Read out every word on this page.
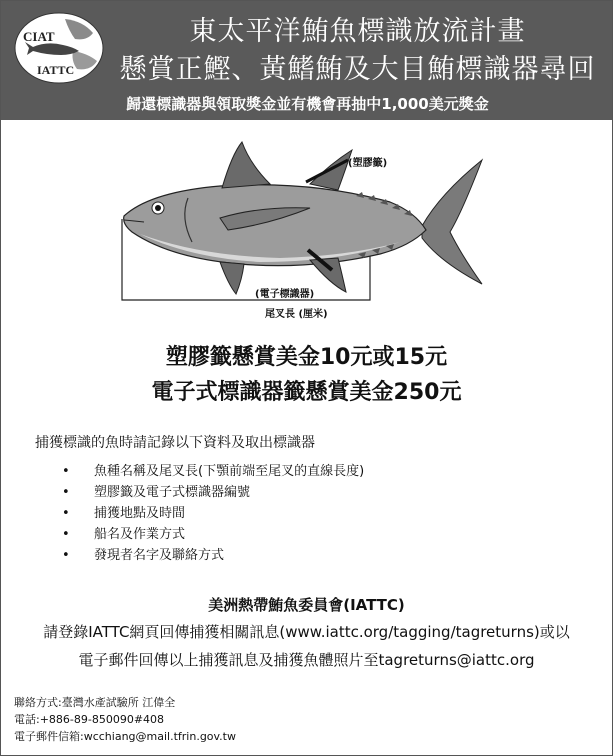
CIAT
IATTC
東太平洋鮪魚標識放流計畫
懸賞正鰹、黃鰭鮪及大目鮪標識器尋回
歸還標識器與領取獎金並有機會再抽中1,000美元獎金
(塑膠籤)
(電子標識器)
尾叉長 (厘米)
塑膠籤懸賞美金10元或15元
電子式標識器籤懸賞美金250元
捕獲標識的魚時請記錄以下資料及取出標識器
• 魚種名稱及尾叉長(下顎前端至尾叉的直線長度)
• 塑膠籤及電子式標識器編號
• 捕獲地點及時間
• 船名及作業方式
• 發現者名字及聯絡方式
美洲熱帶鮪魚委員會(IATTC)
請登錄IATTC網頁回傳捕獲相關訊息(www.iattc.org/tagging/tagreturns)或以
電子郵件回傳以上捕獲訊息及捕獲魚體照片至tagreturns@iattc.org
聯絡方式:臺灣水產試驗所 江偉全
電話:+886-89-850090#408
電子郵件信箱:wcchiang@mail.tfrin.gov.tw
